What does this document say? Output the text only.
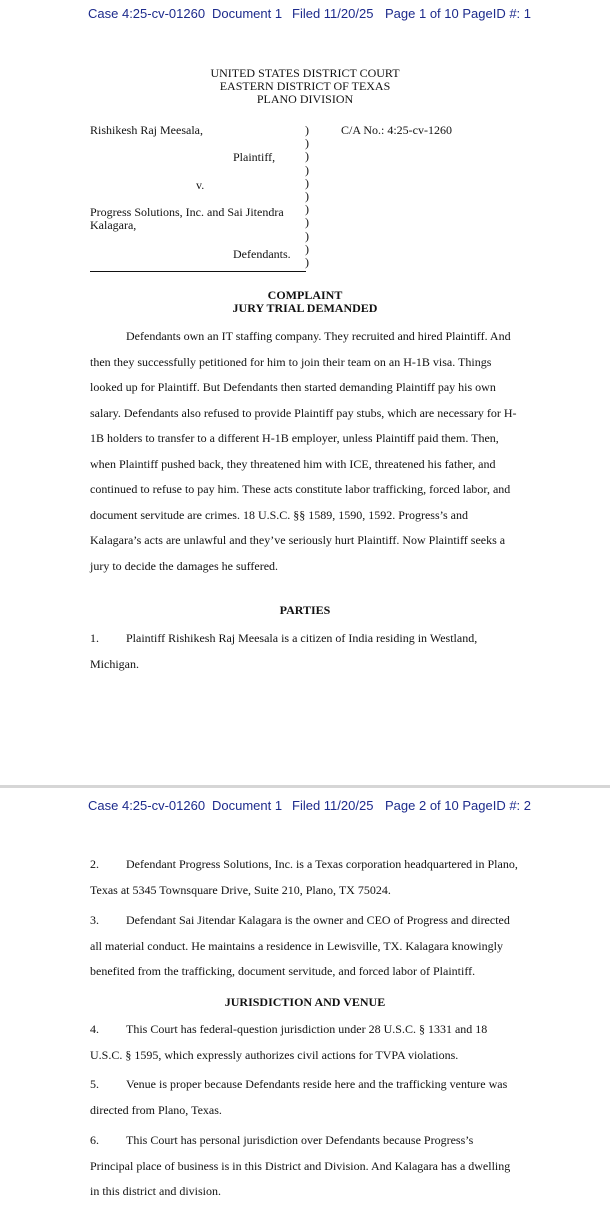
Case 4:25-cv-01260 Document 1 Filed 11/20/25 Page 1 of 10 PageID #: 1
UNITED STATES DISTRICT COURT
EASTERN DISTRICT OF TEXAS
PLANO DIVISION
Rishikesh Raj Meesala,
Plaintiff,
v.
Progress Solutions, Inc. and Sai Jitendra
Kalagara,
Defendants.
C/A No.: 4:25-cv-1260
)
)
)
)
)
)
)
)
)
)
)
COMPLAINT
JURY TRIAL DEMANDED
Defendants own an IT staffing company. They recruited and hired Plaintiff. And then they successfully petitioned for him to join their team on an H-1B visa. Things looked up for Plaintiff. But Defendants then started demanding Plaintiff pay his own salary. Defendants also refused to provide Plaintiff pay stubs, which are necessary for H-1B holders to transfer to a different H-1B employer, unless Plaintiff paid them. Then, when Plaintiff pushed back, they threatened him with ICE, threatened his father, and continued to refuse to pay him. These acts constitute labor trafficking, forced labor, and document servitude are crimes. 18 U.S.C. §§ 1589, 1590, 1592. Progress’s and Kalagara’s acts are unlawful and they’ve seriously hurt Plaintiff. Now Plaintiff seeks a jury to decide the damages he suffered.
PARTIES
1. Plaintiff Rishikesh Raj Meesala is a citizen of India residing in Westland, Michigan.
Case 4:25-cv-01260 Document 1 Filed 11/20/25 Page 2 of 10 PageID #: 2
2. Defendant Progress Solutions, Inc. is a Texas corporation headquartered in Plano, Texas at 5345 Townsquare Drive, Suite 210, Plano, TX 75024.
3. Defendant Sai Jitendar Kalagara is the owner and CEO of Progress and directed all material conduct. He maintains a residence in Lewisville, TX. Kalagara knowingly benefited from the trafficking, document servitude, and forced labor of Plaintiff.
JURISDICTION AND VENUE
4. This Court has federal-question jurisdiction under 28 U.S.C. § 1331 and 18 U.S.C. § 1595, which expressly authorizes civil actions for TVPA violations.
5. Venue is proper because Defendants reside here and the trafficking venture was directed from Plano, Texas.
6. This Court has personal jurisdiction over Defendants because Progress’s Principal place of business is in this District and Division. And Kalagara has a dwelling in this district and division.
